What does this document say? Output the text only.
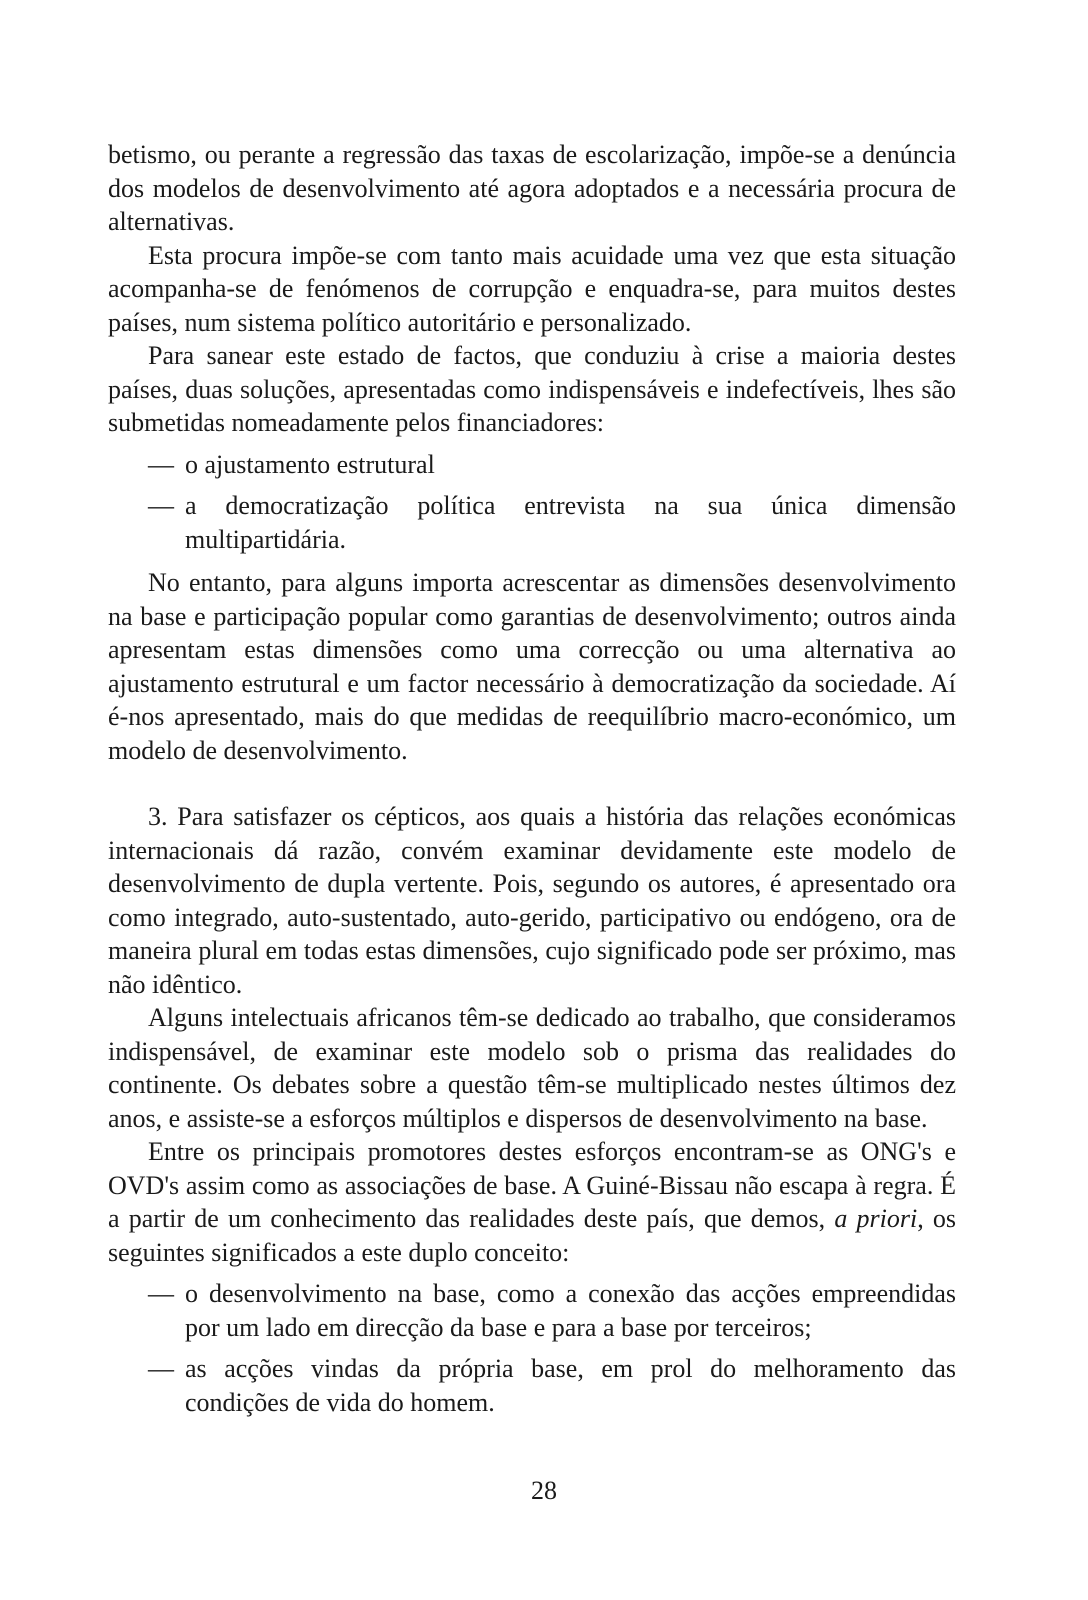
betismo, ou perante a regressão das taxas de escolarização, impõe-se a denúncia dos modelos de desenvolvimento até agora adoptados e a necessária procura de alternativas.

Esta procura impõe-se com tanto mais acuidade uma vez que esta situação acompanha-se de fenómenos de corrupção e enquadra-se, para muitos destes países, num sistema político autoritário e personalizado.

Para sanear este estado de factos, que conduziu à crise a maioria destes países, duas soluções, apresentadas como indispensáveis e indefectíveis, lhes são submetidas nomeadamente pelos financiadores:

— o ajustamento estrutural

— a democratização política entrevista na sua única dimensão multipartidária.

No entanto, para alguns importa acrescentar as dimensões desenvolvimento na base e participação popular como garantias de desenvolvimento; outros ainda apresentam estas dimensões como uma correcção ou uma alternativa ao ajustamento estrutural e um factor necessário à democratização da sociedade. Aí é-nos apresentado, mais do que medidas de reequilíbrio macro-económico, um modelo de desenvolvimento.

3. Para satisfazer os cépticos, aos quais a história das relações económicas internacionais dá razão, convém examinar devidamente este modelo de desenvolvimento de dupla vertente. Pois, segundo os autores, é apresentado ora como integrado, auto-sustentado, auto-gerido, participativo ou endógeno, ora de maneira plural em todas estas dimensões, cujo significado pode ser próximo, mas não idêntico.

Alguns intelectuais africanos têm-se dedicado ao trabalho, que consideramos indispensável, de examinar este modelo sob o prisma das realidades do continente. Os debates sobre a questão têm-se multiplicado nestes últimos dez anos, e assiste-se a esforços múltiplos e dispersos de desenvolvimento na base.

Entre os principais promotores destes esforços encontram-se as ONG's e OVD's assim como as associações de base. A Guiné-Bissau não escapa à regra. É a partir de um conhecimento das realidades deste país, que demos, a priori, os seguintes significados a este duplo conceito:

— o desenvolvimento na base, como a conexão das acções empreendidas por um lado em direcção da base e para a base por terceiros;

— as acções vindas da própria base, em prol do melhoramento das condições de vida do homem.

28
